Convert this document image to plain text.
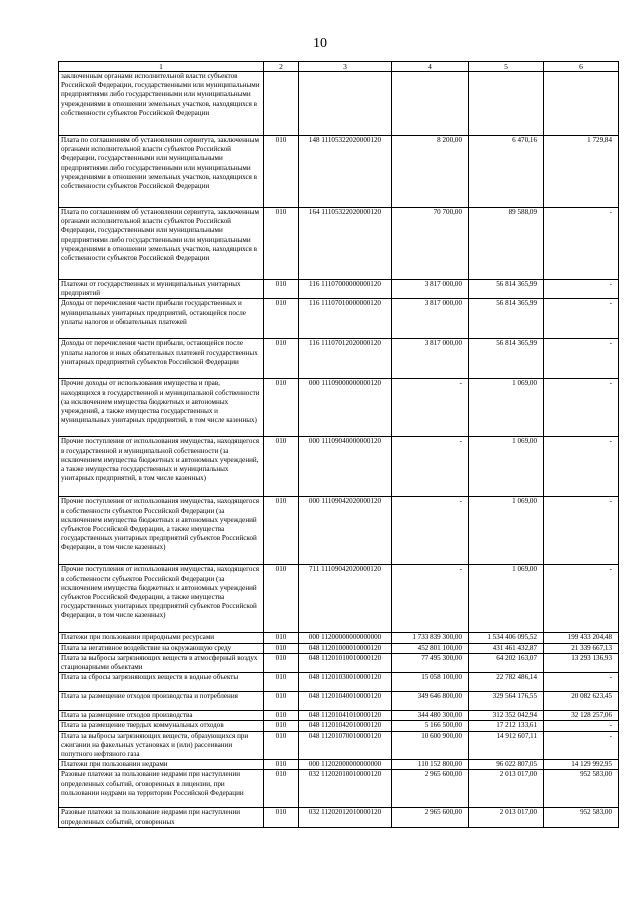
10
1	2	3	4	5	6
заключенным органами исполнительной власти субъектов Российской Федерации, государственными или муниципальными предприятиями либо государственными или муниципальными учреждениями в отношении земельных участков, находящихся в собственности субъектов Российской Федерации					
Плата по соглашениям об установлении сервитута, заключенным органами исполнительной власти субъектов Российской Федерации, государственными или муниципальными предприятиями либо государственными или муниципальными учреждениями в отношении земельных участков, находящихся в собственности субъектов Российской Федерации	010	148 11105322020000120	8 200,00	6 470,16	1 729,84
Плата по соглашениям об установлении сервитута, заключенным органами исполнительной власти субъектов Российской Федерации, государственными или муниципальными предприятиями либо государственными или муниципальными учреждениями в отношении земельных участков, находящихся в собственности субъектов Российской Федерации	010	164 11105322020000120	70 700,00	89 588,09	-
Платежи от государственных и муниципальных унитарных предприятий	010	116 11107000000000120	3 817 000,00	56 814 365,99	-
Доходы от перечисления части прибыли государственных и муниципальных унитарных предприятий, остающейся после уплаты налогов и обязательных платежей	010	116 11107010000000120	3 817 000,00	56 814 365,99	-
Доходы от перечисления части прибыли, остающейся после уплаты налогов и иных обязательных платежей государственных унитарных предприятий субъектов Российской Федерации	010	116 11107012020000120	3 817 000,00	56 814 365,99	-
Прочие доходы от использования имущества и прав, находящихся в государственной и муниципальной собственности (за исключением имущества бюджетных и автономных учреждений, а также имущества государственных и муниципальных унитарных предприятий, в том числе казенных)	010	000 11109000000000120	-	1 069,00	-
Прочие поступления от использования имущества, находящегося в государственной и муниципальной собственности (за исключением имущества бюджетных и автономных учреждений, а также имущества государственных и муниципальных унитарных предприятий, в том числе казенных)	010	000 11109040000000120	-	1 069,00	-
Прочие поступления от использования имущества, находящегося в собственности субъектов Российской Федерации (за исключением имущества бюджетных и автономных учреждений субъектов Российской Федерации, а также имущества государственных унитарных предприятий субъектов Российской Федерации, в том числе казенных)	010	000 11109042020000120	-	1 069,00	-
Прочие поступления от использования имущества, находящегося в собственности субъектов Российской Федерации (за исключением имущества бюджетных и автономных учреждений субъектов Российской Федерации, а также имущества государственных унитарных предприятий субъектов Российской Федерации, в том числе казенных)	010	711 11109042020000120	-	1 069,00	-
Платежи при пользовании природными ресурсами	010	000 11200000000000000	1 733 839 300,00	1 534 406 095,52	199 433 204,48
Плата за негативное воздействие на окружающую среду	010	048 11201000010000120	452 801 100,00	431 461 432,87	21 339 667,13
Плата за выбросы загрязняющих веществ в атмосферный воздух стационарными объектами	010	048 11201010010000120	77 495 300,00	64 202 163,07	13 293 136,93
Плата за сбросы загрязняющих веществ в водные объекты	010	048 11201030010000120	15 058 100,00	22 782 486,14	-
Плата за размещение отходов производства и потребления	010	048 11201040010000120	349 646 800,00	329 564 176,55	20 082 623,45
Плата за размещение отходов производства	010	048 11201041010000120	344 480 300,00	312 352 042,94	32 128 257,06
Плата за размещение твердых коммунальных отходов	010	048 11201042010000120	5 166 500,00	17 212 133,61	-
Плата за выбросы загрязняющих веществ, образующихся при сжигании на факельных установках и (или) рассеивании попутного нефтяного газа	010	048 11201070010000120	10 600 900,00	14 912 607,11	-
Платежи при пользовании недрами	010	000 11202000000000000	110 152 800,00	96 022 807,05	14 129 992,95
Разовые платежи за пользование недрами при наступлении определенных событий, оговоренных в лицензии, при пользовании недрами на территории Российской Федерации	010	032 11202010010000120	2 965 600,00	2 013 017,00	952 583,00
Разовые платежи за пользование недрами при наступлении определенных событий, оговоренных	010	032 11202012010000120	2 965 600,00	2 013 017,00	952 583,00
